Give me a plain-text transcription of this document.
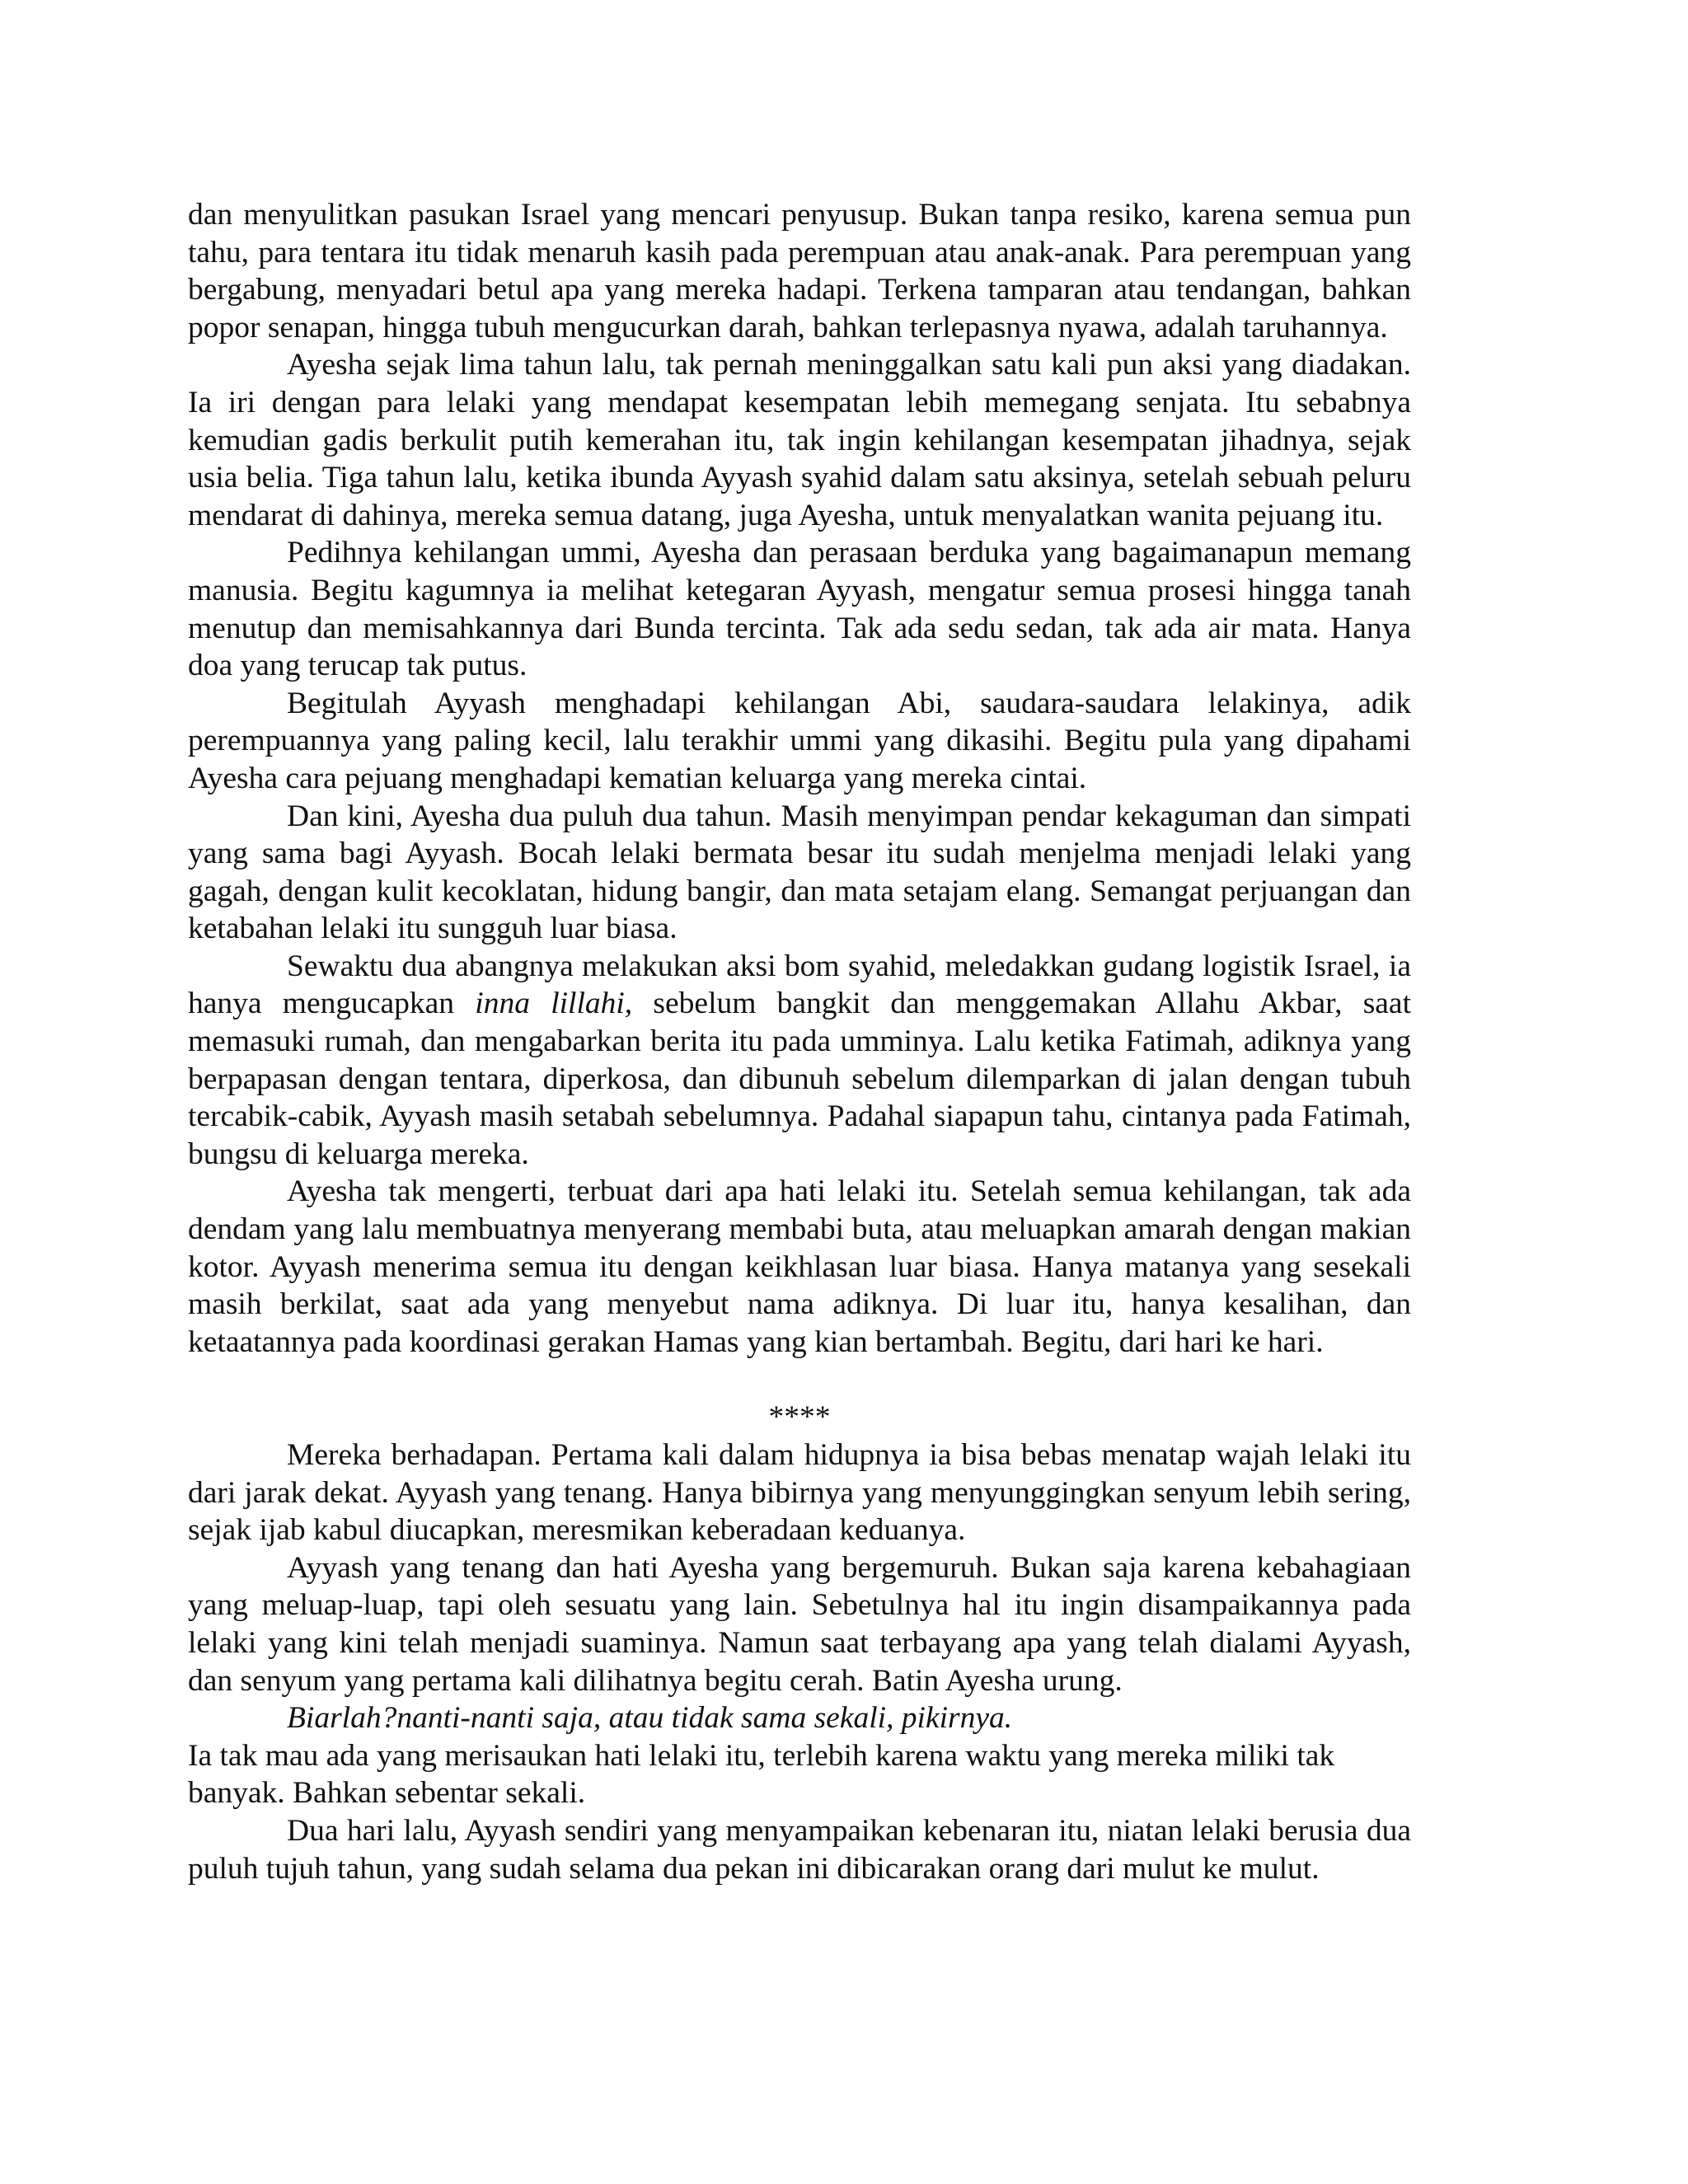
dan menyulitkan pasukan Israel yang mencari penyusup. Bukan tanpa resiko, karena semua pun tahu, para tentara itu tidak menaruh kasih pada perempuan atau anak-anak. Para perempuan yang bergabung, menyadari betul apa yang mereka hadapi. Terkena tamparan atau tendangan, bahkan popor senapan, hingga tubuh mengucurkan darah, bahkan terlepasnya nyawa, adalah taruhannya.

Ayesha sejak lima tahun lalu, tak pernah meninggalkan satu kali pun aksi yang diadakan. Ia iri dengan para lelaki yang mendapat kesempatan lebih memegang senjata. Itu sebabnya kemudian gadis berkulit putih kemerahan itu, tak ingin kehilangan kesempatan jihadnya, sejak usia belia. Tiga tahun lalu, ketika ibunda Ayyash syahid dalam satu aksinya, setelah sebuah peluru mendarat di dahinya, mereka semua datang, juga Ayesha, untuk menyalatkan wanita pejuang itu.

Pedihnya kehilangan ummi, Ayesha dan perasaan berduka yang bagaimanapun memang manusia. Begitu kagumnya ia melihat ketegaran Ayyash, mengatur semua prosesi hingga tanah menutup dan memisahkannya dari Bunda tercinta. Tak ada sedu sedan, tak ada air mata. Hanya doa yang terucap tak putus.

Begitulah Ayyash menghadapi kehilangan Abi, saudara-saudara lelakinya, adik perempuannya yang paling kecil, lalu terakhir ummi yang dikasihi. Begitu pula yang dipahami Ayesha cara pejuang menghadapi kematian keluarga yang mereka cintai.

Dan kini, Ayesha dua puluh dua tahun. Masih menyimpan pendar kekaguman dan simpati yang sama bagi Ayyash. Bocah lelaki bermata besar itu sudah menjelma menjadi lelaki yang gagah, dengan kulit kecoklatan, hidung bangir, dan mata setajam elang. Semangat perjuangan dan ketabahan lelaki itu sungguh luar biasa.

Sewaktu dua abangnya melakukan aksi bom syahid, meledakkan gudang logistik Israel, ia hanya mengucapkan inna lillahi, sebelum bangkit dan menggemakan Allahu Akbar, saat memasuki rumah, dan mengabarkan berita itu pada umminya. Lalu ketika Fatimah, adiknya yang berpapasan dengan tentara, diperkosa, dan dibunuh sebelum dilemparkan di jalan dengan tubuh tercabik-cabik, Ayyash masih setabah sebelumnya. Padahal siapapun tahu, cintanya pada Fatimah, bungsu di keluarga mereka.

Ayesha tak mengerti, terbuat dari apa hati lelaki itu. Setelah semua kehilangan, tak ada dendam yang lalu membuatnya menyerang membabi buta, atau meluapkan amarah dengan makian kotor. Ayyash menerima semua itu dengan keikhlasan luar biasa. Hanya matanya yang sesekali masih berkilat, saat ada yang menyebut nama adiknya. Di luar itu, hanya kesalihan, dan ketaatannya pada koordinasi gerakan Hamas yang kian bertambah. Begitu, dari hari ke hari.

****

Mereka berhadapan. Pertama kali dalam hidupnya ia bisa bebas menatap wajah lelaki itu dari jarak dekat. Ayyash yang tenang. Hanya bibirnya yang menyunggingkan senyum lebih sering, sejak ijab kabul diucapkan, meresmikan keberadaan keduanya.

Ayyash yang tenang dan hati Ayesha yang bergemuruh. Bukan saja karena kebahagiaan yang meluap-luap, tapi oleh sesuatu yang lain. Sebetulnya hal itu ingin disampaikannya pada lelaki yang kini telah menjadi suaminya. Namun saat terbayang apa yang telah dialami Ayyash, dan senyum yang pertama kali dilihatnya begitu cerah. Batin Ayesha urung.

Biarlah?nanti-nanti saja, atau tidak sama sekali, pikirnya.

Ia tak mau ada yang merisaukan hati lelaki itu, terlebih karena waktu yang mereka miliki tak

banyak. Bahkan sebentar sekali.

Dua hari lalu, Ayyash sendiri yang menyampaikan kebenaran itu, niatan lelaki berusia dua puluh tujuh tahun, yang sudah selama dua pekan ini dibicarakan orang dari mulut ke mulut.
